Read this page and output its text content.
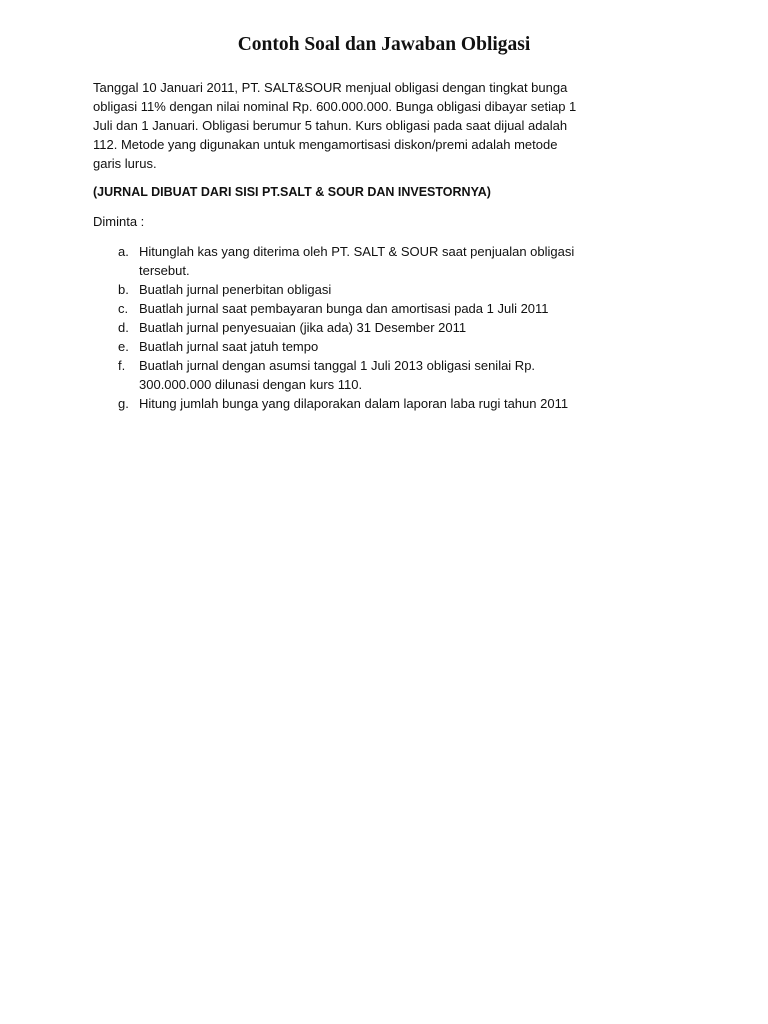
Contoh Soal dan Jawaban Obligasi

Tanggal 10 Januari 2011, PT. SALT&SOUR menjual obligasi dengan tingkat bunga
obligasi 11% dengan nilai nominal Rp. 600.000.000. Bunga obligasi dibayar setiap 1
Juli dan 1 Januari. Obligasi berumur 5 tahun. Kurs obligasi pada saat dijual adalah
112. Metode yang digunakan untuk mengamortisasi diskon/premi adalah metode
garis lurus.

(JURNAL DIBUAT DARI SISI PT.SALT & SOUR DAN INVESTORNYA)

Diminta :

a. Hitunglah kas yang diterima oleh PT. SALT & SOUR saat penjualan obligasi
tersebut.
b. Buatlah jurnal penerbitan obligasi
c. Buatlah jurnal saat pembayaran bunga dan amortisasi pada 1 Juli 2011
d. Buatlah jurnal penyesuaian (jika ada) 31 Desember 2011
e. Buatlah jurnal saat jatuh tempo
f. Buatlah jurnal dengan asumsi tanggal 1 Juli 2013 obligasi senilai Rp.
300.000.000 dilunasi dengan kurs 110.
g. Hitung jumlah bunga yang dilaporakan dalam laporan laba rugi tahun 2011
